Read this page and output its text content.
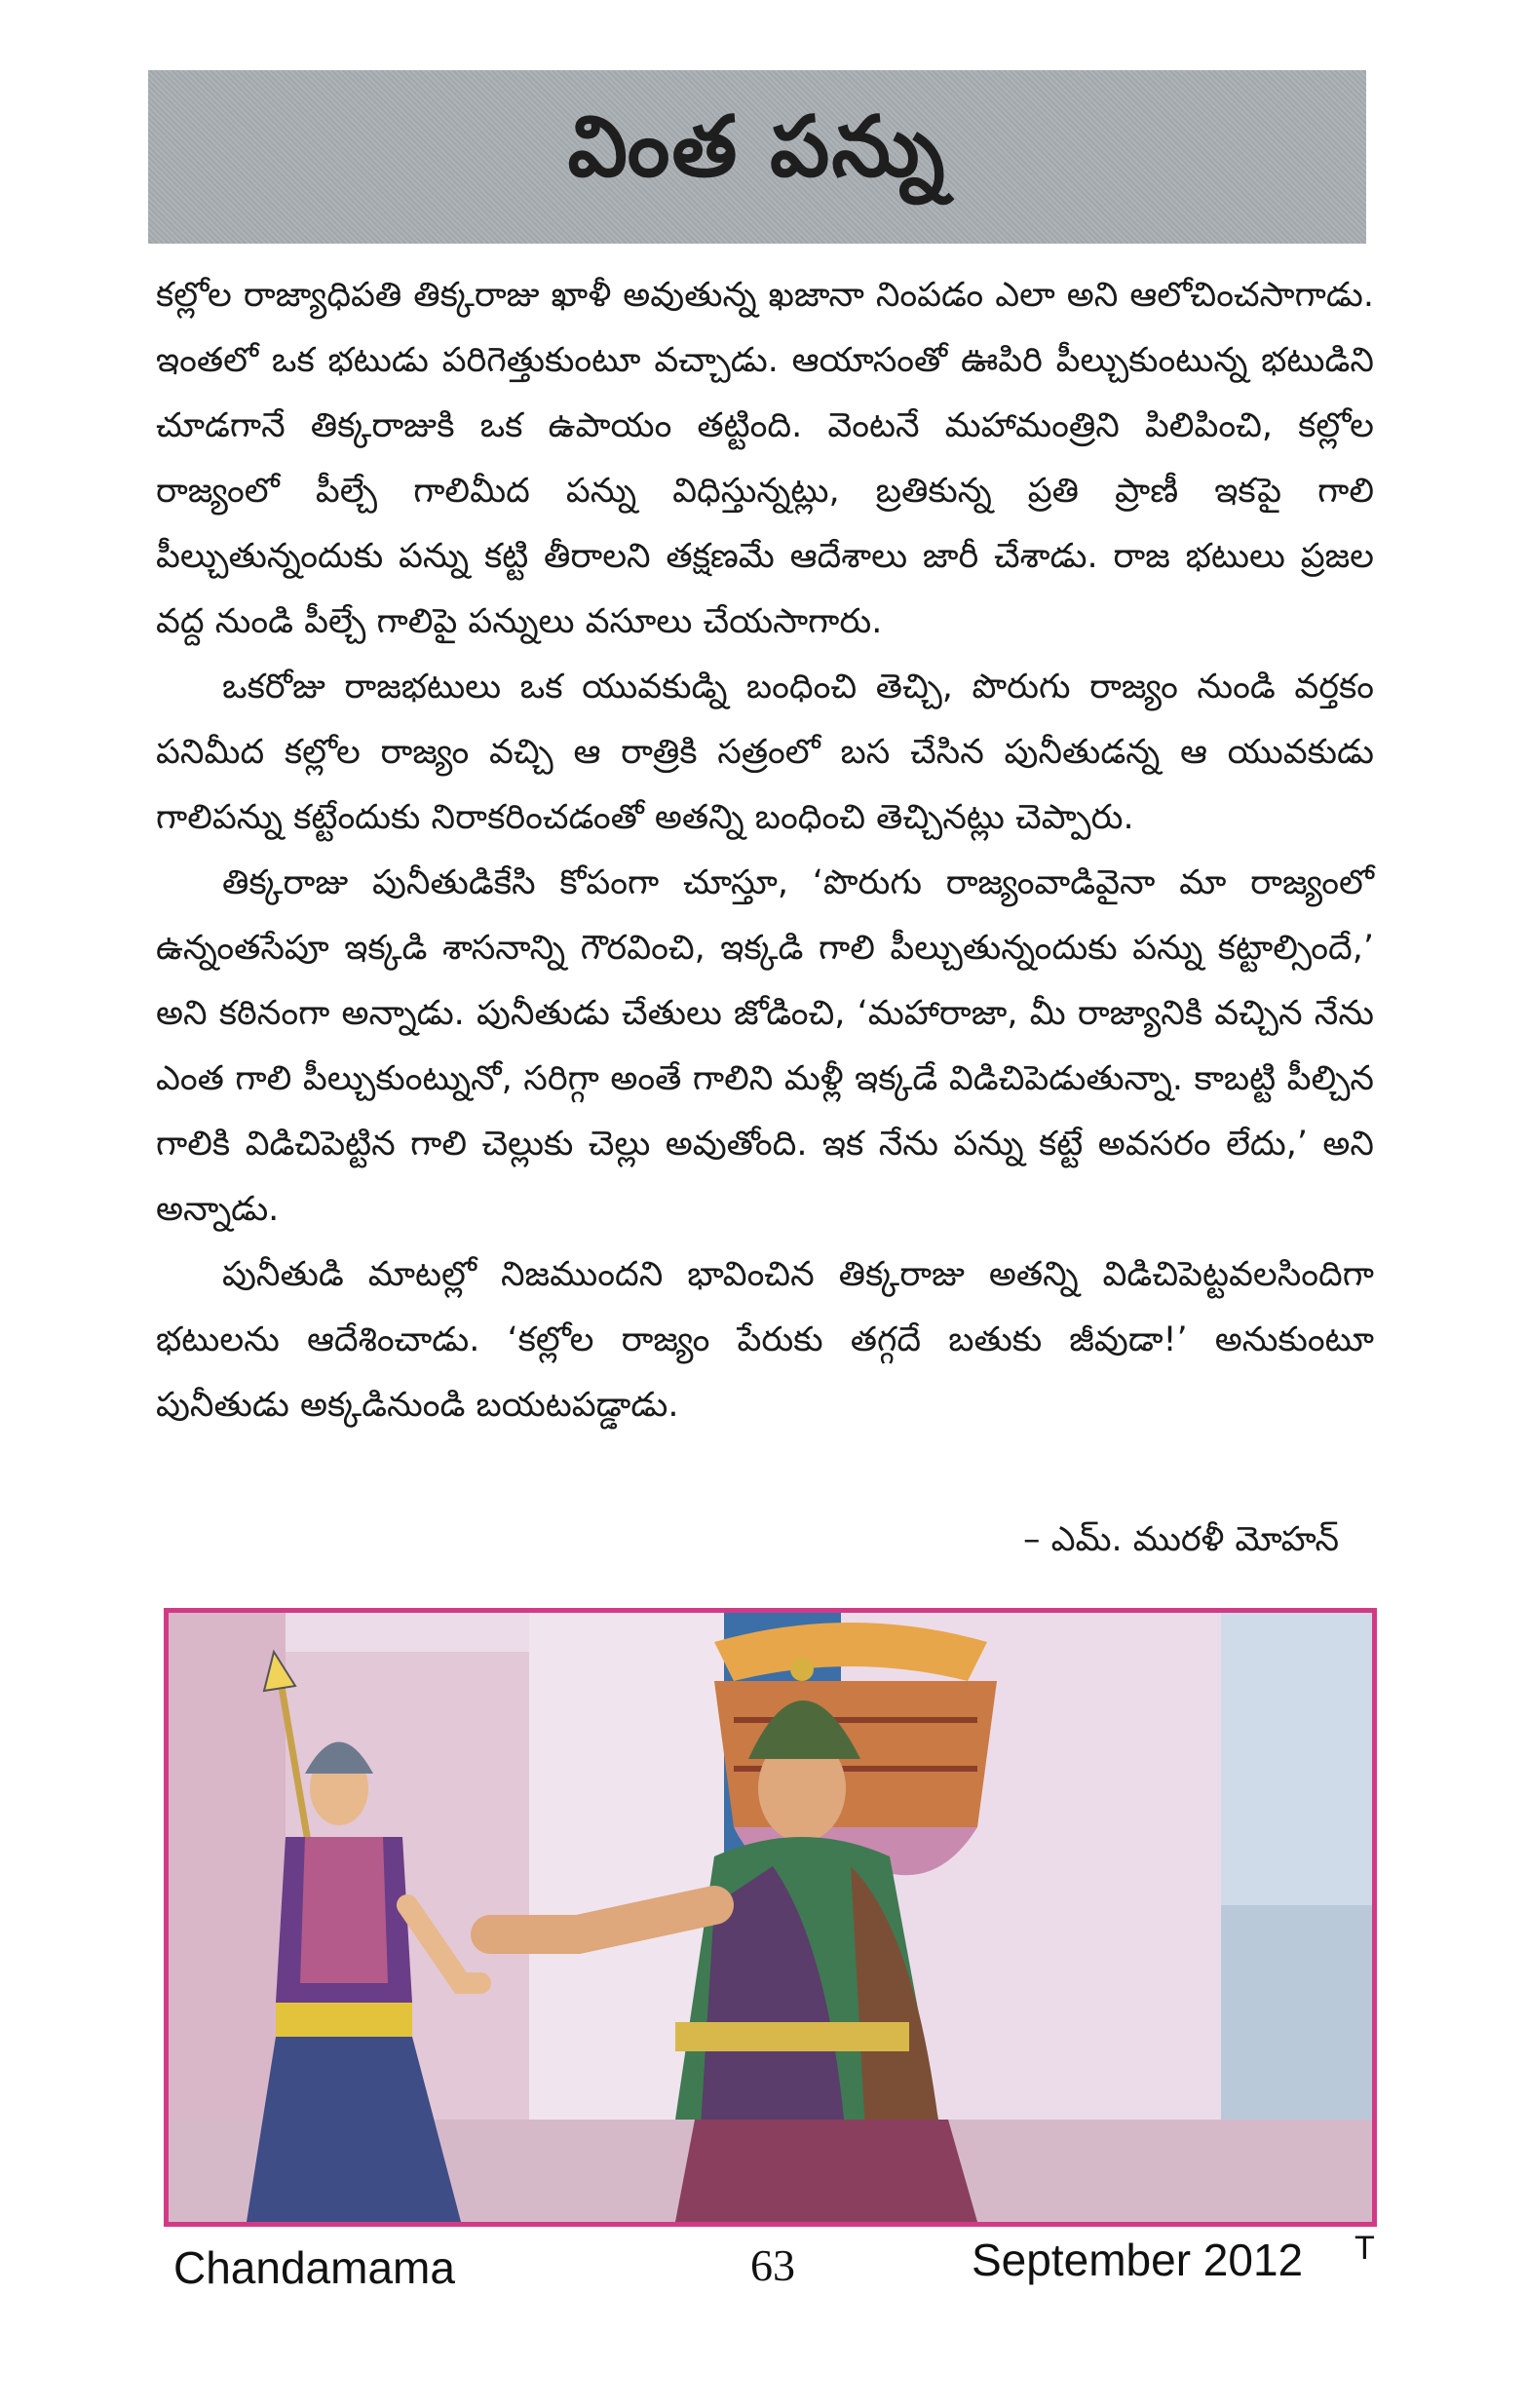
వింత పన్ను

కల్లోల రాజ్యాధిపతి తిక్కరాజు ఖాళీ అవుతున్న ఖజానా నింపడం ఎలా అని ఆలోచించసాగాడు. ఇంతలో ఒక భటుడు పరిగెత్తుకుంటూ వచ్చాడు. ఆయాసంతో ఊపిరి పీల్చుకుంటున్న భటుడిని చూడగానే తిక్కరాజుకి ఒక ఉపాయం తట్టింది. వెంటనే మహామంత్రిని పిలిపించి, కల్లోల రాజ్యంలో పీల్చే గాలిమీద పన్ను విధిస్తున్నట్లు, బ్రతికున్న ప్రతి ప్రాణీ ఇకపై గాలి పీల్చుతున్నందుకు పన్ను కట్టి తీరాలని తక్షణమే ఆదేశాలు జారీ చేశాడు. రాజ భటులు ప్రజల వద్ద నుండి పీల్చే గాలిపై పన్నులు వసూలు చేయసాగారు.

ఒకరోజు రాజభటులు ఒక యువకుడ్ని బంధించి తెచ్చి, పొరుగు రాజ్యం నుండి వర్తకం పనిమీద కల్లోల రాజ్యం వచ్చి ఆ రాత్రికి సత్రంలో బస చేసిన పునీతుడన్న ఆ యువకుడు గాలిపన్ను కట్టేందుకు నిరాకరించడంతో అతన్ని బంధించి తెచ్చినట్లు చెప్పారు.

తిక్కరాజు పునీతుడికేసి కోపంగా చూస్తూ, ‘పొరుగు రాజ్యంవాడివైనా మా రాజ్యంలో ఉన్నంతసేపూ ఇక్కడి శాసనాన్ని గౌరవించి, ఇక్కడి గాలి పీల్చుతున్నందుకు పన్ను కట్టాల్సిందే,’ అని కఠినంగా అన్నాడు. పునీతుడు చేతులు జోడించి, ‘మహారాజా, మీ రాజ్యానికి వచ్చిన నేను ఎంత గాలి పీల్చుకుంట్నునో, సరిగ్గా అంతే గాలిని మళ్లీ ఇక్కడే విడిచిపెడుతున్నా. కాబట్టి పీల్చిన గాలికి విడిచిపెట్టిన గాలి చెల్లుకు చెల్లు అవుతోంది. ఇక నేను పన్ను కట్టే అవసరం లేదు,’ అని అన్నాడు.

పునీతుడి మాటల్లో నిజముందని భావించిన తిక్కరాజు అతన్ని విడిచిపెట్టవలసిందిగా భటులను ఆదేశించాడు. ‘కల్లోల రాజ్యం పేరుకు తగ్గదే బతుకు జీవుడా!’ అనుకుంటూ పునీతుడు అక్కడినుండి బయటపడ్డాడు.

– ఎమ్. మురళీ మోహన్
Chandamama	63	September 2012 T
